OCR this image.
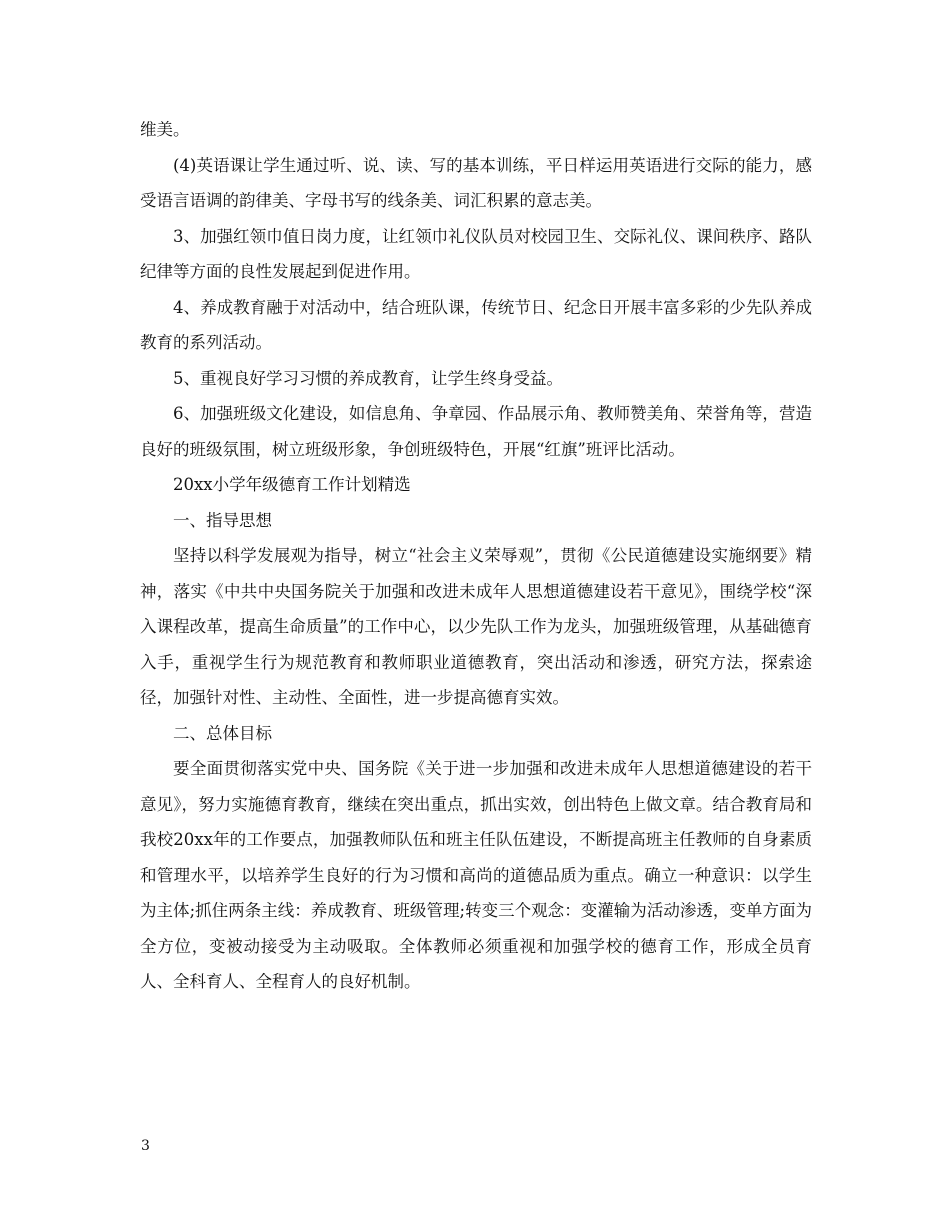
维美。

(4)英语课让学生通过听、说、读、写的基本训练，平日样运用英语进行交际的能力，感受语言语调的韵律美、字母书写的线条美、词汇积累的意志美。

3、加强红领巾值日岗力度，让红领巾礼仪队员对校园卫生、交际礼仪、课间秩序、路队纪律等方面的良性发展起到促进作用。

4、养成教育融于对活动中，结合班队课，传统节日、纪念日开展丰富多彩的少先队养成教育的系列活动。

5、重视良好学习习惯的养成教育，让学生终身受益。

6、加强班级文化建设，如信息角、争章园、作品展示角、教师赞美角、荣誉角等，营造良好的班级氛围，树立班级形象，争创班级特色，开展“红旗”班评比活动。

20xx小学年级德育工作计划精选

一、指导思想

坚持以科学发展观为指导，树立“社会主义荣辱观”，贯彻《公民道德建设实施纲要》精神，落实《中共中央国务院关于加强和改进未成年人思想道德建设若干意见》，围绕学校“深入课程改革，提高生命质量”的工作中心，以少先队工作为龙头，加强班级管理，从基础德育入手，重视学生行为规范教育和教师职业道德教育，突出活动和渗透，研究方法，探索途径，加强针对性、主动性、全面性，进一步提高德育实效。

二、总体目标

要全面贯彻落实党中央、国务院《关于进一步加强和改进未成年人思想道德建设的若干意见》，努力实施德育教育，继续在突出重点，抓出实效，创出特色上做文章。结合教育局和我校20xx年的工作要点，加强教师队伍和班主任队伍建设，不断提高班主任教师的自身素质和管理水平，以培养学生良好的行为习惯和高尚的道德品质为重点。确立一种意识：以学生为主体;抓住两条主线：养成教育、班级管理;转变三个观念：变灌输为活动渗透，变单方面为全方位，变被动接受为主动吸取。全体教师必须重视和加强学校的德育工作，形成全员育人、全科育人、全程育人的良好机制。

3
